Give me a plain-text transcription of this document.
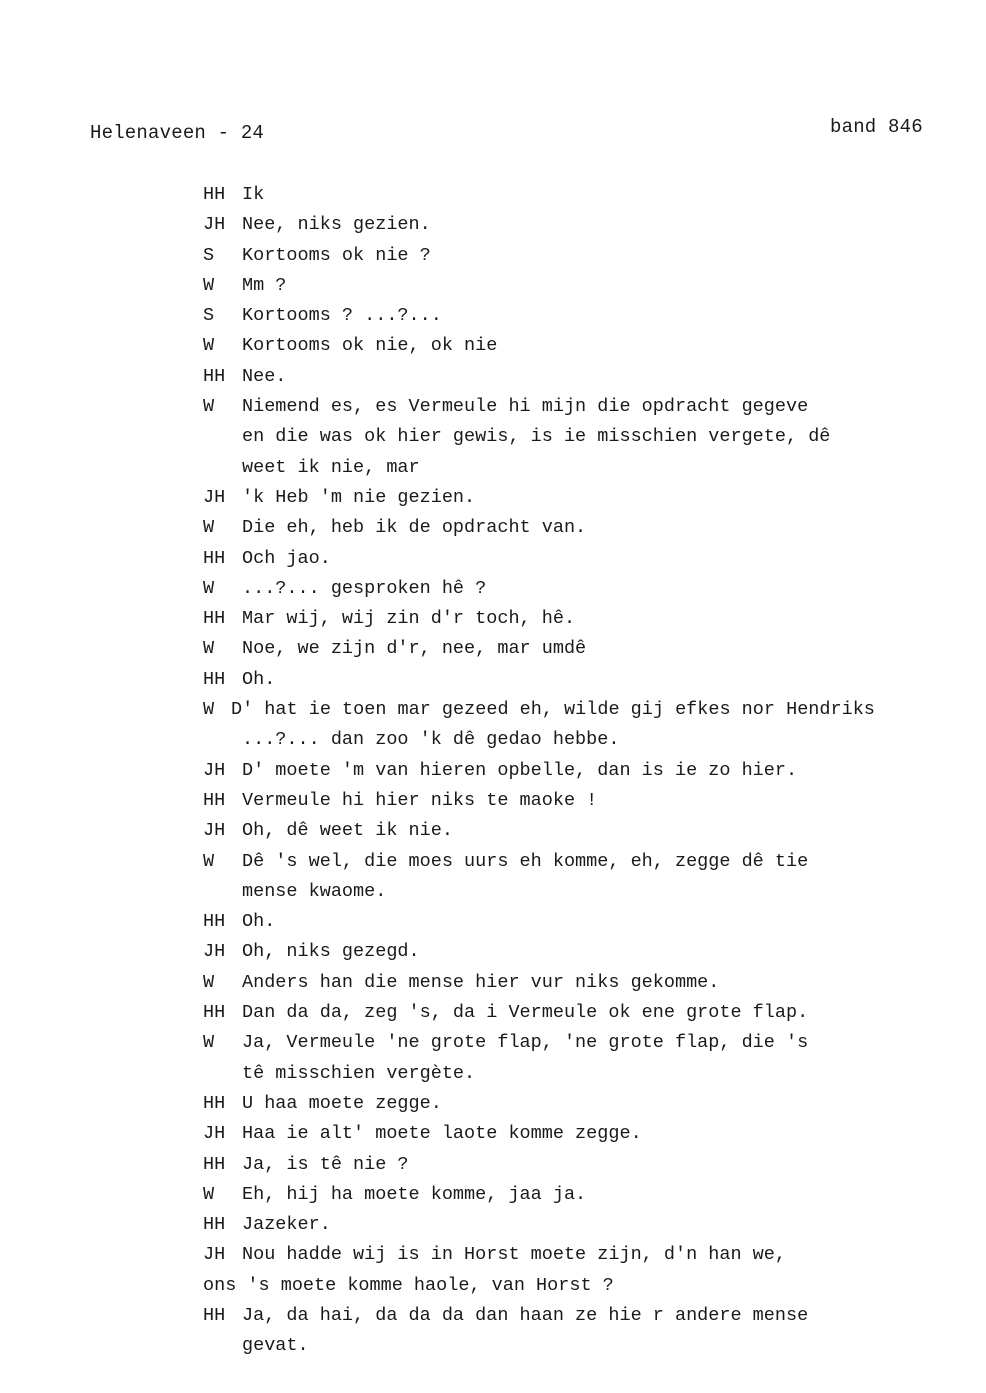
Helenaveen - 24	band 846
HH Ik
JH Nee, niks gezien.
S	Kortooms ok nie ?
W	Mm ?
S	Kortooms ? ...?...
W	Kortooms ok nie, ok nie
HH Nee.
W	Niemend es, es Vermeule hi mijn die opdracht gegeve
en die was ok hier gewis, is ie misschien vergete, dê
weet ik nie, mar
JH 'k Heb 'm nie gezien.
W	Die eh, heb ik de opdracht van.
HH Och jao.
W	...?... gesproken hê ?
HH Mar wij, wij zin d'r toch, hê.
W	Noe, we zijn d'r, nee, mar umdê
HH Oh.
W D' hat ie toen mar gezeed eh, wilde gij efkes nor Hendriks
...?... dan zoo 'k dê gedao hebbe.
JH D' moete 'm van hieren opbelle, dan is ie zo hier.
HH Vermeule hi hier niks te maoke !
JH Oh, dê weet ik nie.
W	Dê 's wel, die moes uurs eh komme, eh, zegge dê tie
mense kwaome.
HH Oh.
JH Oh, niks gezegd.
W	Anders han die mense hier vur niks gekomme.
HH Dan da da, zeg 's, da i Vermeule ok ene grote flap.
W	Ja, Vermeule 'ne grote flap, 'ne grote flap, die 's
tê misschien vergète.
HH U haa moete zegge.
JH Haa ie alt' moete laote komme zegge.
HH Ja, is tê nie ?
W	Eh, hij ha moete komme, jaa ja.
HH Jazeker.
JH Nou hadde wij is in Horst moete zijn, d'n han we,
ons 's moete komme haole, van Horst ?
HH Ja, da hai, da da da dan haan ze hie r andere mense
gevat.
